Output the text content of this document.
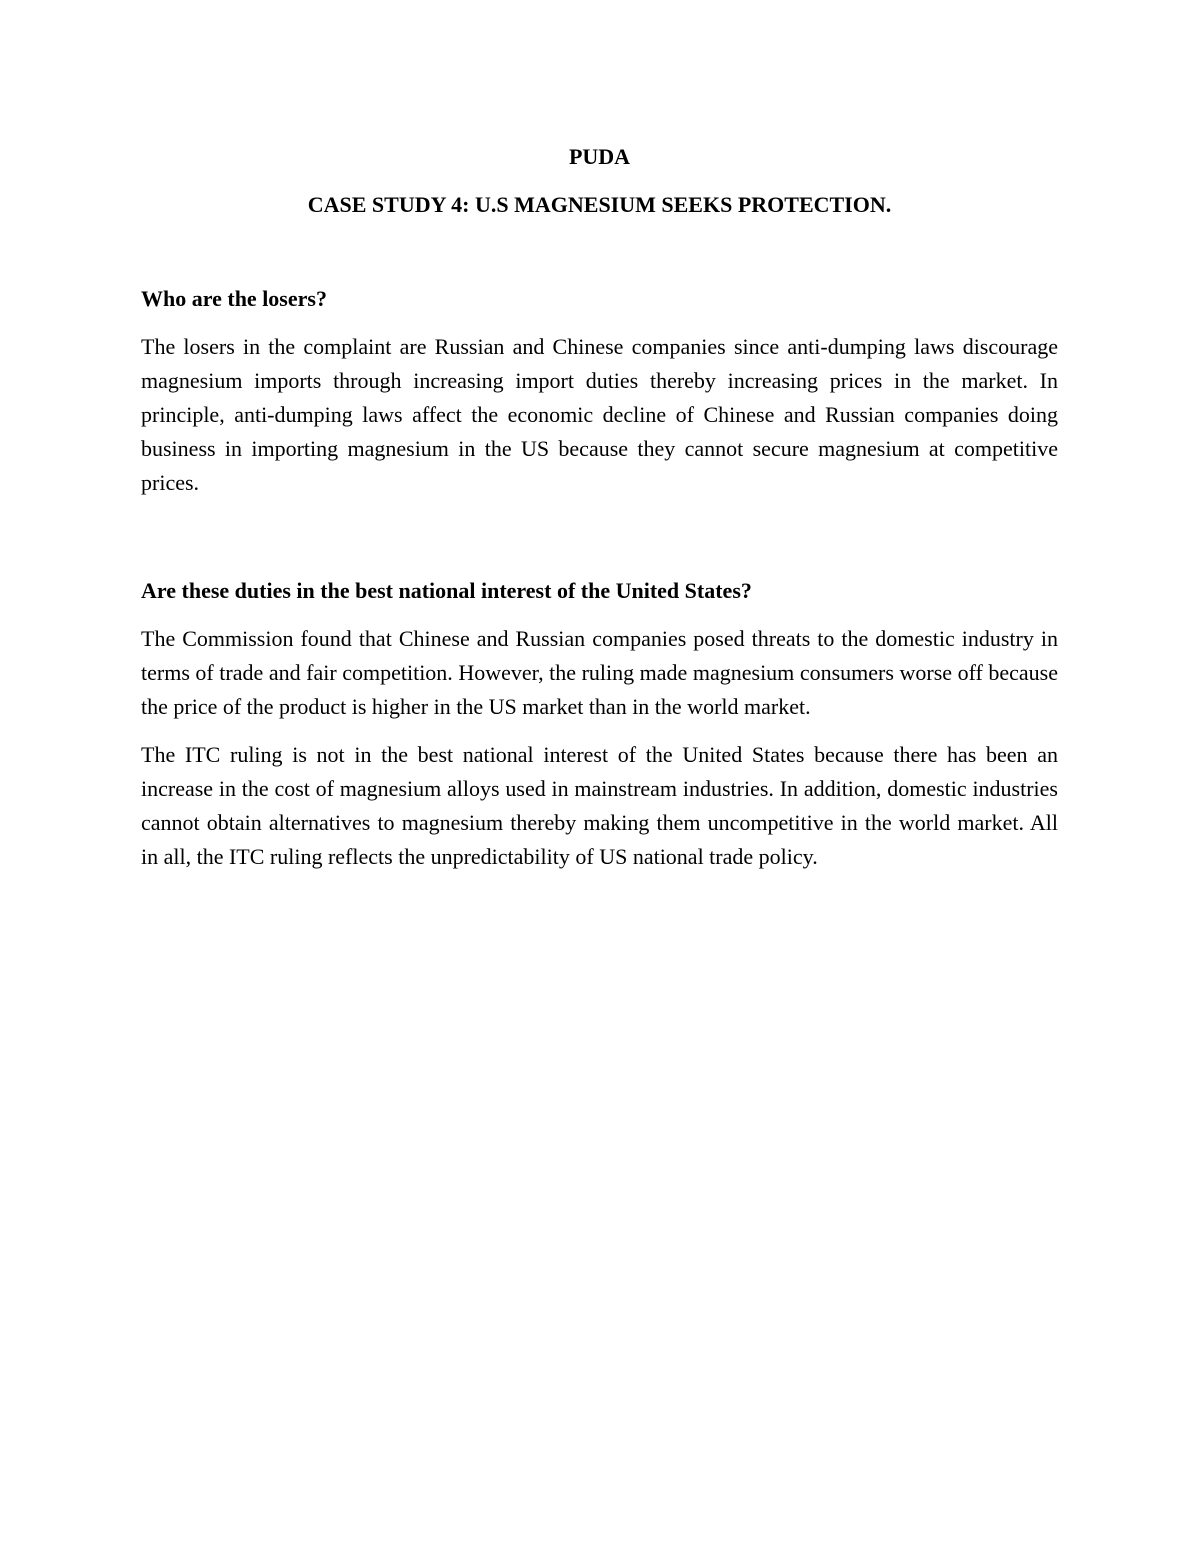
PUDA

CASE STUDY 4: U.S MAGNESIUM SEEKS PROTECTION.

Who are the losers?

The losers in the complaint are Russian and Chinese companies since anti-dumping laws discourage magnesium imports through increasing import duties thereby increasing prices in the market. In principle, anti-dumping laws affect the economic decline of Chinese and Russian companies doing business in importing magnesium in the US because they cannot secure magnesium at competitive prices.

Are these duties in the best national interest of the United States?

The Commission found that Chinese and Russian companies posed threats to the domestic industry in terms of trade and fair competition. However, the ruling made magnesium consumers worse off because the price of the product is higher in the US market than in the world market.

The ITC ruling is not in the best national interest of the United States because there has been an increase in the cost of magnesium alloys used in mainstream industries. In addition, domestic industries cannot obtain alternatives to magnesium thereby making them uncompetitive in the world market. All in all, the ITC ruling reflects the unpredictability of US national trade policy.
